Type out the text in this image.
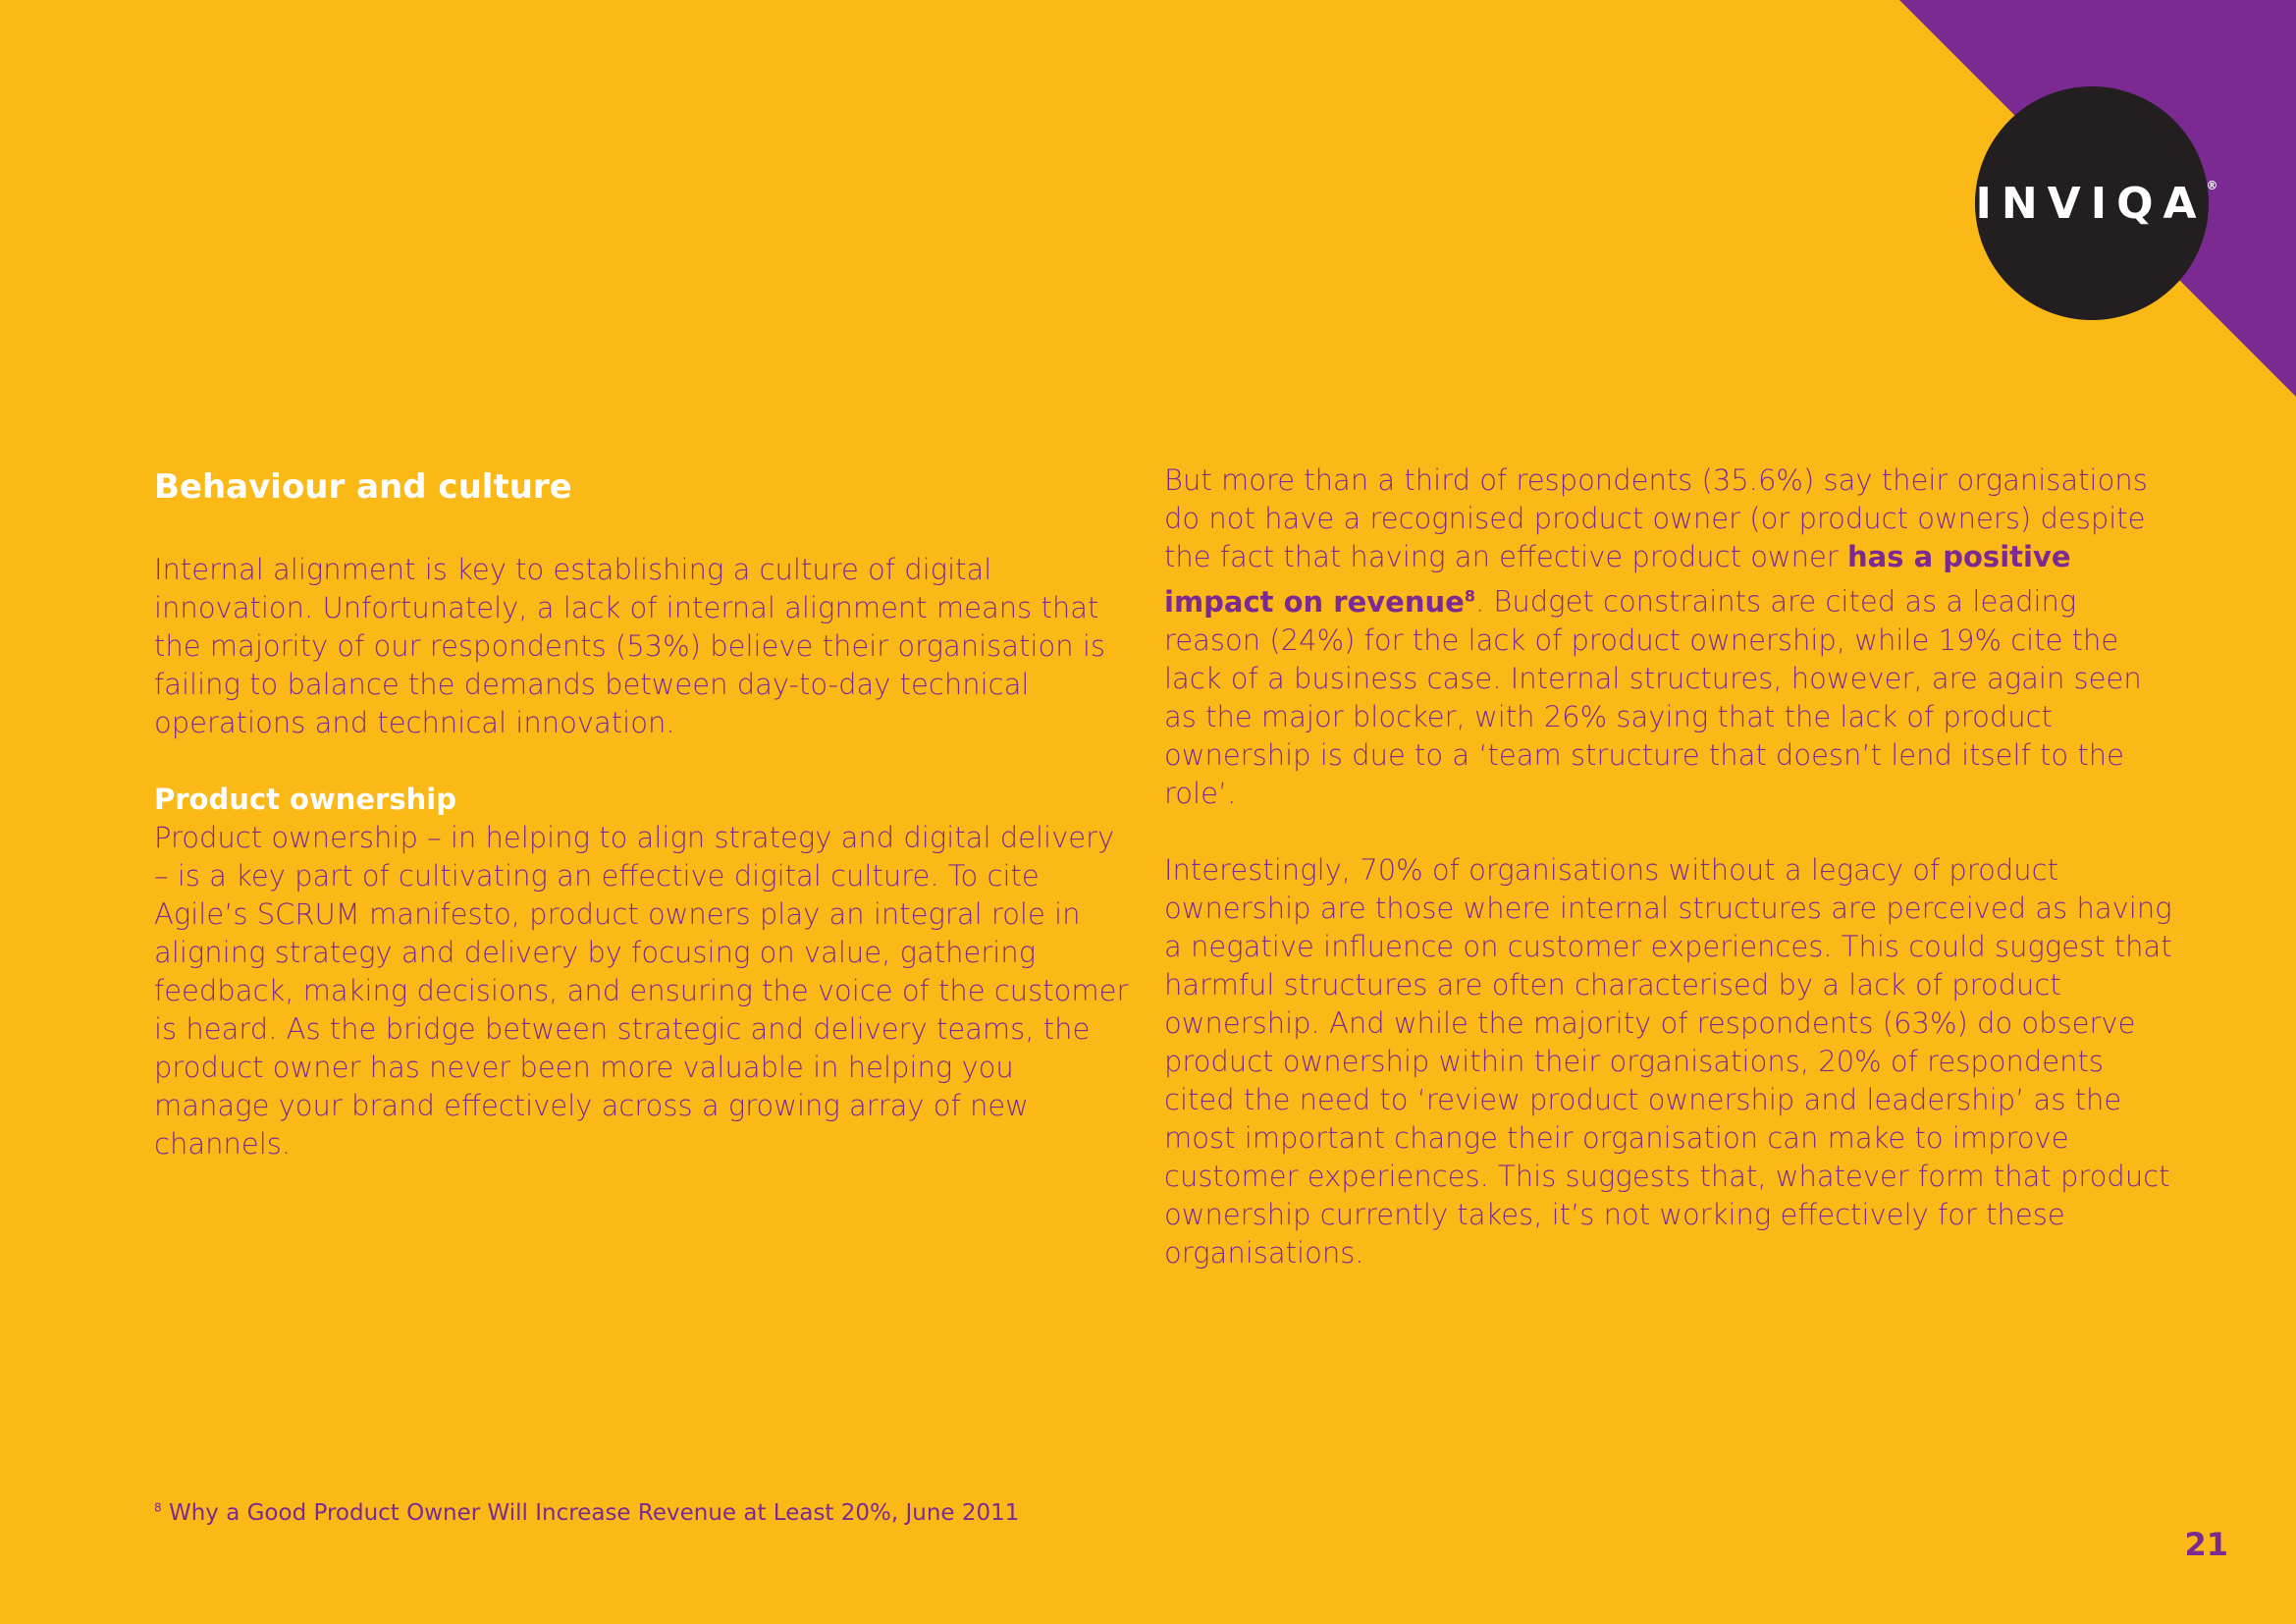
INVIQA®
Behaviour and culture

Internal alignment is key to establishing a culture of digital innovation. Unfortunately, a lack of internal alignment means that the majority of our respondents (53%) believe their organisation is failing to balance the demands between day-to-day technical operations and technical innovation.

Product ownership

Product ownership – in helping to align strategy and digital delivery – is a key part of cultivating an effective digital culture. To cite Agile’s SCRUM manifesto, product owners play an integral role in aligning strategy and delivery by focusing on value, gathering feedback, making decisions, and ensuring the voice of the customer is heard. As the bridge between strategic and delivery teams, the product owner has never been more valuable in helping you manage your brand effectively across a growing array of new channels.

But more than a third of respondents (35.6%) say their organisations do not have a recognised product owner (or product owners) despite the fact that having an effective product owner has a positive impact on revenue$^8$. Budget constraints are cited as a leading reason (24%) for the lack of product ownership, while 19% cite the lack of a business case. Internal structures, however, are again seen as the major blocker, with 26% saying that the lack of product ownership is due to a ‘team structure that doesn’t lend itself to the role’.

Interestingly, 70% of organisations without a legacy of product ownership are those where internal structures are perceived as having a negative influence on customer experiences. This could suggest that harmful structures are often characterised by a lack of product ownership. And while the majority of respondents (63%) do observe product ownership within their organisations, 20% of respondents cited the need to ‘review product ownership and leadership’ as the most important change their organisation can make to improve customer experiences. This suggests that, whatever form that product ownership currently takes, it’s not working effectively for these organisations.

$^8$ Why a Good Product Owner Will Increase Revenue at Least 20%, June 2011
21
